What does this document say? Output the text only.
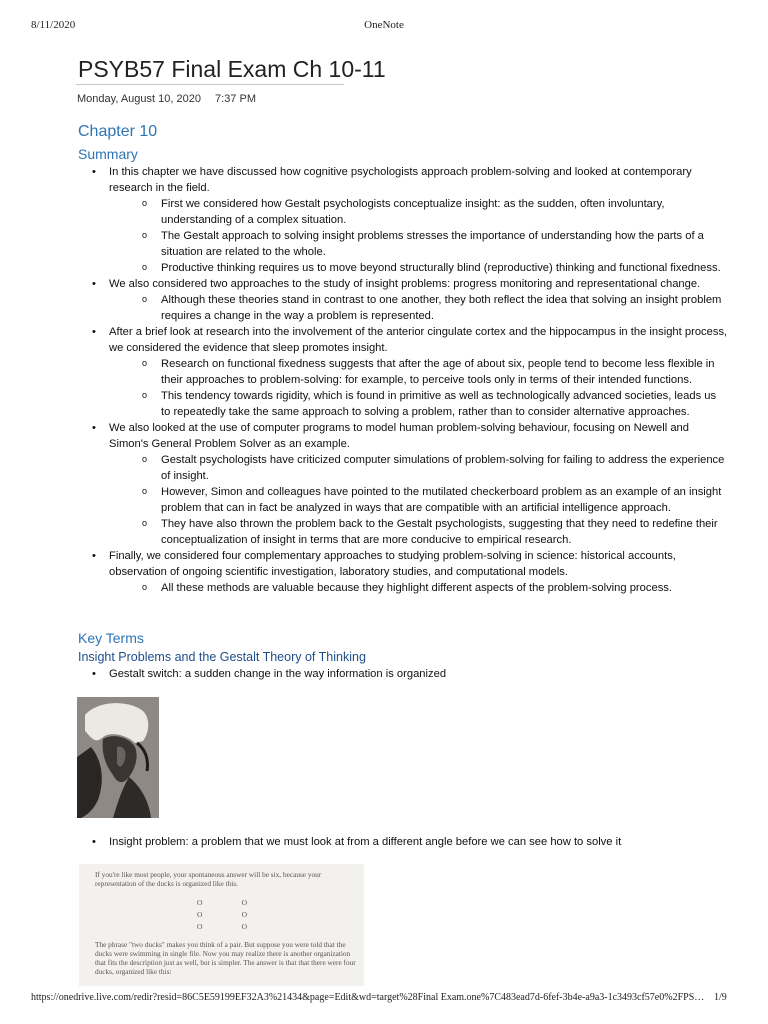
8/11/2020	OneNote
PSYB57 Final Exam Ch 10-11
Monday, August 10, 2020 7:37 PM
Chapter 10
Summary
• In this chapter we have discussed how cognitive psychologists approach problem-solving and looked at contemporary research in the field.
o First we considered how Gestalt psychologists conceptualize insight: as the sudden, often involuntary, understanding of a complex situation.
o The Gestalt approach to solving insight problems stresses the importance of understanding how the parts of a situation are related to the whole.
o Productive thinking requires us to move beyond structurally blind (reproductive) thinking and functional fixedness.
• We also considered two approaches to the study of insight problems: progress monitoring and representational change.
o Although these theories stand in contrast to one another, they both reflect the idea that solving an insight problem requires a change in the way a problem is represented.
• After a brief look at research into the involvement of the anterior cingulate cortex and the hippocampus in the insight process, we considered the evidence that sleep promotes insight.
o Research on functional fixedness suggests that after the age of about six, people tend to become less flexible in their approaches to problem-solving: for example, to perceive tools only in terms of their intended functions.
o This tendency towards rigidity, which is found in primitive as well as technologically advanced societies, leads us to repeatedly take the same approach to solving a problem, rather than to consider alternative approaches.
• We also looked at the use of computer programs to model human problem-solving behaviour, focusing on Newell and Simon's General Problem Solver as an example.
o Gestalt psychologists have criticized computer simulations of problem-solving for failing to address the experience of insight.
o However, Simon and colleagues have pointed to the mutilated checkerboard problem as an example of an insight problem that can in fact be analyzed in ways that are compatible with an artificial intelligence approach.
o They have also thrown the problem back to the Gestalt psychologists, suggesting that they need to redefine their conceptualization of insight in terms that are more conducive to empirical research.
• Finally, we considered four complementary approaches to studying problem-solving in science: historical accounts, observation of ongoing scientific investigation, laboratory studies, and computational models.
o All these methods are valuable because they highlight different aspects of the problem-solving process.
Key Terms
Insight Problems and the Gestalt Theory of Thinking
• Gestalt switch: a sudden change in the way information is organized
• Insight problem: a problem that we must look at from a different angle before we can see how to solve it

If you're like most people, your spontaneous answer will be six, because your representation of the ducks is organized like this.

O	O
O	O
O	O

The phrase "two ducks" makes you think of a pair. But suppose you were told that the ducks were swimming in single file. Now you may realize there is another organization that fits the description just as well, but is simpler. The answer is that that there were four ducks, organized like this:

https://onedrive.live.com/redir?resid=86C5E59199EF32A3%21434&page=Edit&wd=target%28Final Exam.one%7C483ead7d-6fef-3b4e-a9a3-1c3493cf57e0%2FPS… 1/9
